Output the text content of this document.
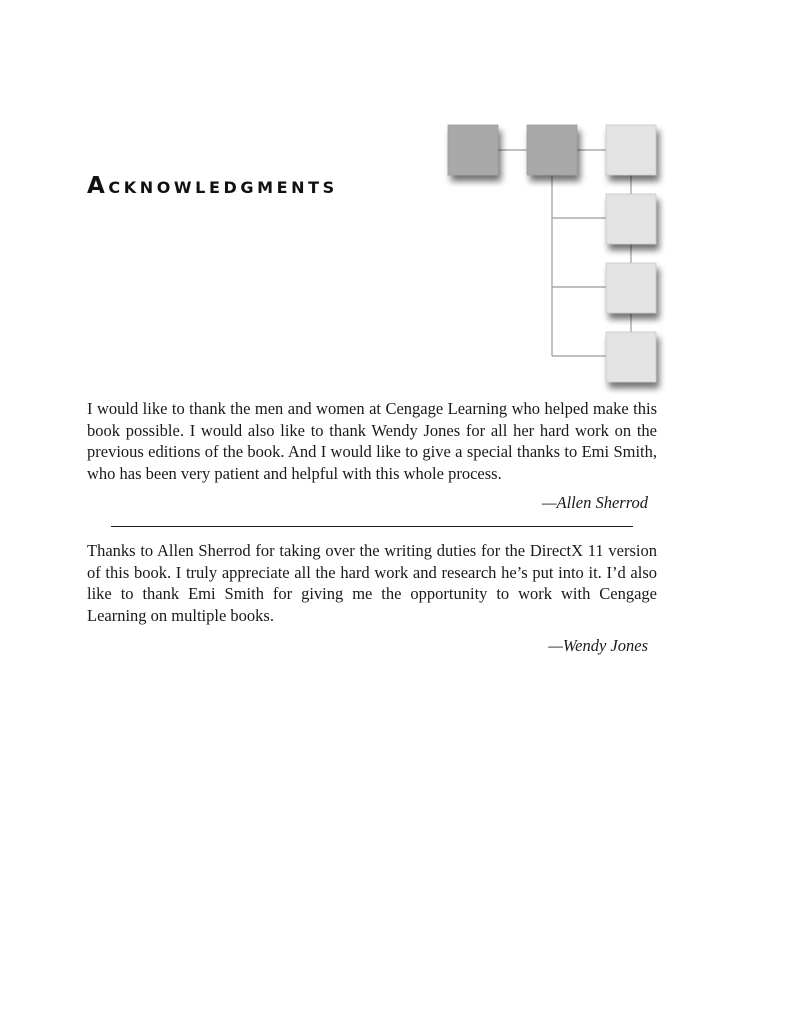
Acknowledgments

I would like to thank the men and women at Cengage Learning who helped make this book possible. I would also like to thank Wendy Jones for all her hard work on the previous editions of the book. And I would like to give a special thanks to Emi Smith, who has been very patient and helpful with this whole process.

—Allen Sherrod

Thanks to Allen Sherrod for taking over the writing duties for the DirectX 11 version of this book. I truly appreciate all the hard work and research he’s put into it. I’d also like to thank Emi Smith for giving me the opportunity to work with Cengage Learning on multiple books.

—Wendy Jones
